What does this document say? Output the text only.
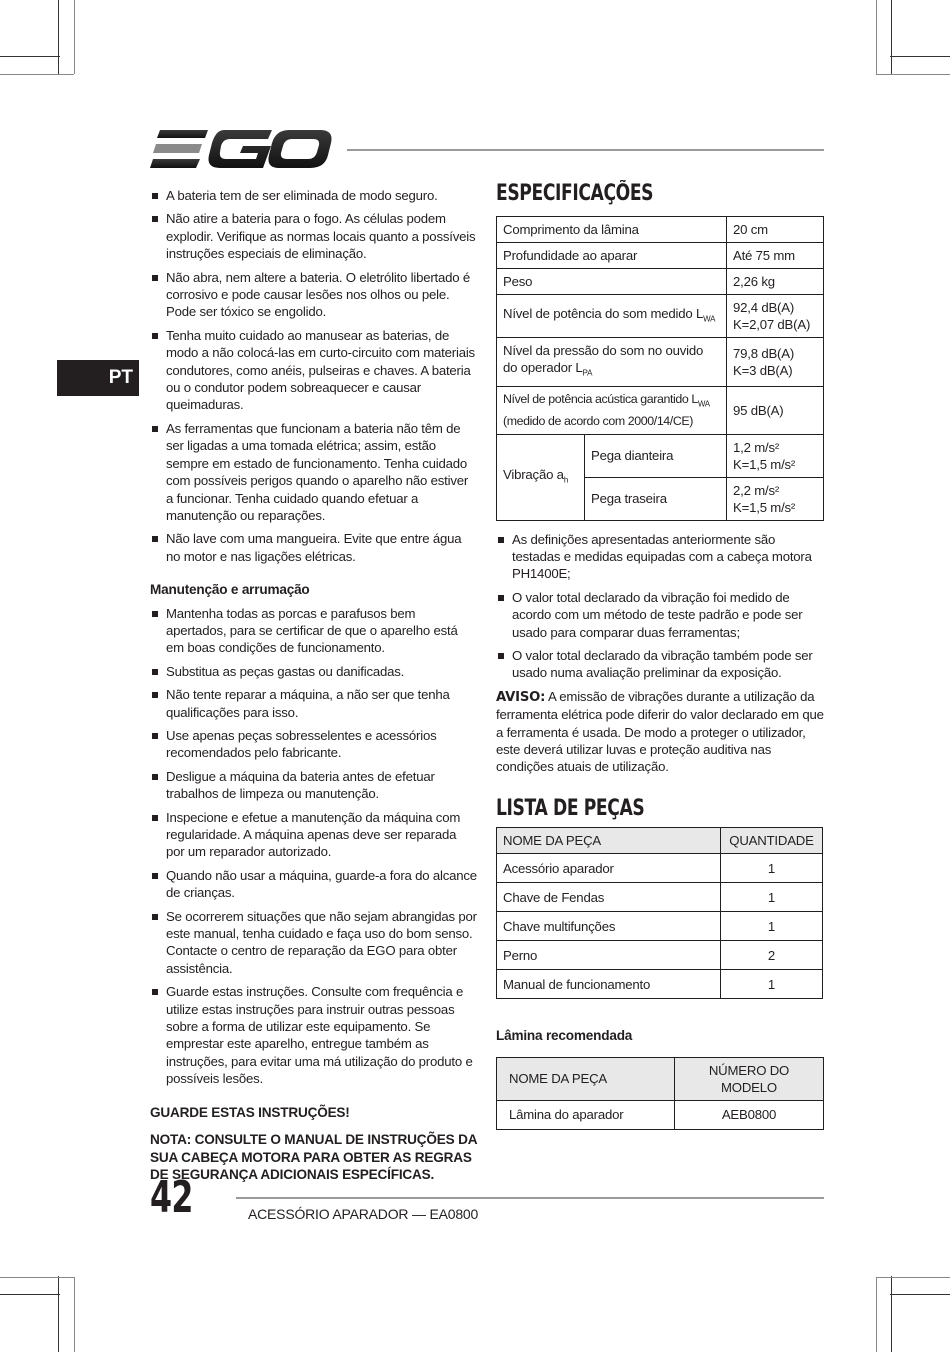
PT
A bateria tem de ser eliminada de modo seguro.
Não atire a bateria para o fogo. As células podem explodir. Verifique as normas locais quanto a possíveis instruções especiais de eliminação.
Não abra, nem altere a bateria. O eletrólito libertado é corrosivo e pode causar lesões nos olhos ou pele. Pode ser tóxico se engolido.
Tenha muito cuidado ao manusear as baterias, de modo a não colocá-las em curto-circuito com materiais condutores, como anéis, pulseiras e chaves. A bateria ou o condutor podem sobreaquecer e causar queimaduras.
As ferramentas que funcionam a bateria não têm de ser ligadas a uma tomada elétrica; assim, estão sempre em estado de funcionamento. Tenha cuidado com possíveis perigos quando o aparelho não estiver a funcionar. Tenha cuidado quando efetuar a manutenção ou reparações.
Não lave com uma mangueira. Evite que entre água no motor e nas ligações elétricas.
Manutenção e arrumação
Mantenha todas as porcas e parafusos bem apertados, para se certificar de que o aparelho está em boas condições de funcionamento.
Substitua as peças gastas ou danificadas.
Não tente reparar a máquina, a não ser que tenha qualificações para isso.
Use apenas peças sobresselentes e acessórios recomendados pelo fabricante.
Desligue a máquina da bateria antes de efetuar trabalhos de limpeza ou manutenção.
Inspecione e efetue a manutenção da máquina com regularidade. A máquina apenas deve ser reparada por um reparador autorizado.
Quando não usar a máquina, guarde-a fora do alcance de crianças.
Se ocorrerem situações que não sejam abrangidas por este manual, tenha cuidado e faça uso do bom senso. Contacte o centro de reparação da EGO para obter assistência.
Guarde estas instruções. Consulte com frequência e utilize estas instruções para instruir outras pessoas sobre a forma de utilizar este equipamento. Se emprestar este aparelho, entregue também as instruções, para evitar uma má utilização do produto e possíveis lesões.
GUARDE ESTAS INSTRUÇÕES!
NOTA: CONSULTE O MANUAL DE INSTRUÇÕES DA SUA CABEÇA MOTORA PARA OBTER AS REGRAS DE SEGURANÇA ADICIONAIS ESPECÍFICAS.
ESPECIFICAÇÕES
Comprimento da lâmina		20 cm
Profundidade ao aparar		Até 75 mm
Peso		2,26 kg
Nível de potência do som medido $L_{WA}$		92,4 dB(A)
K=2,07 dB(A)

Nível da pressão do som no ouvido do operador $L_{PA}$		79,8 dB(A)
K=3 dB(A)

Nível de potência acústica garantido $L_{WA}$
(medido de acordo com 2000/14/CE)		95 dB(A)
Vibração $a_h$	Pega dianteira	1,2 m/s²
K=1,5 m/s²

	Pega traseira	2,2 m/s²
K=1,5 m/s²
As definições apresentadas anteriormente são testadas e medidas equipadas com a cabeça motora PH1400E;
O valor total declarado da vibração foi medido de acordo com um método de teste padrão e pode ser usado para comparar duas ferramentas;
O valor total declarado da vibração também pode ser usado numa avaliação preliminar da exposição.
AVISO: A emissão de vibrações durante a utilização da ferramenta elétrica pode diferir do valor declarado em que a ferramenta é usada. De modo a proteger o utilizador, este deverá utilizar luvas e proteção auditiva nas condições atuais de utilização.
LISTA DE PEÇAS
NOME DA PEÇA	QUANTIDADE
Acessório aparador	1
Chave de Fendas	1
Chave multifunções	1
Perno	2
Manual de funcionamento	1
Lâmina recomendada
NOME DA PEÇA	NÚMERO DO MODELO
Lâmina do aparador	AEB0800
42	ACESSÓRIO APARADOR — EA0800
